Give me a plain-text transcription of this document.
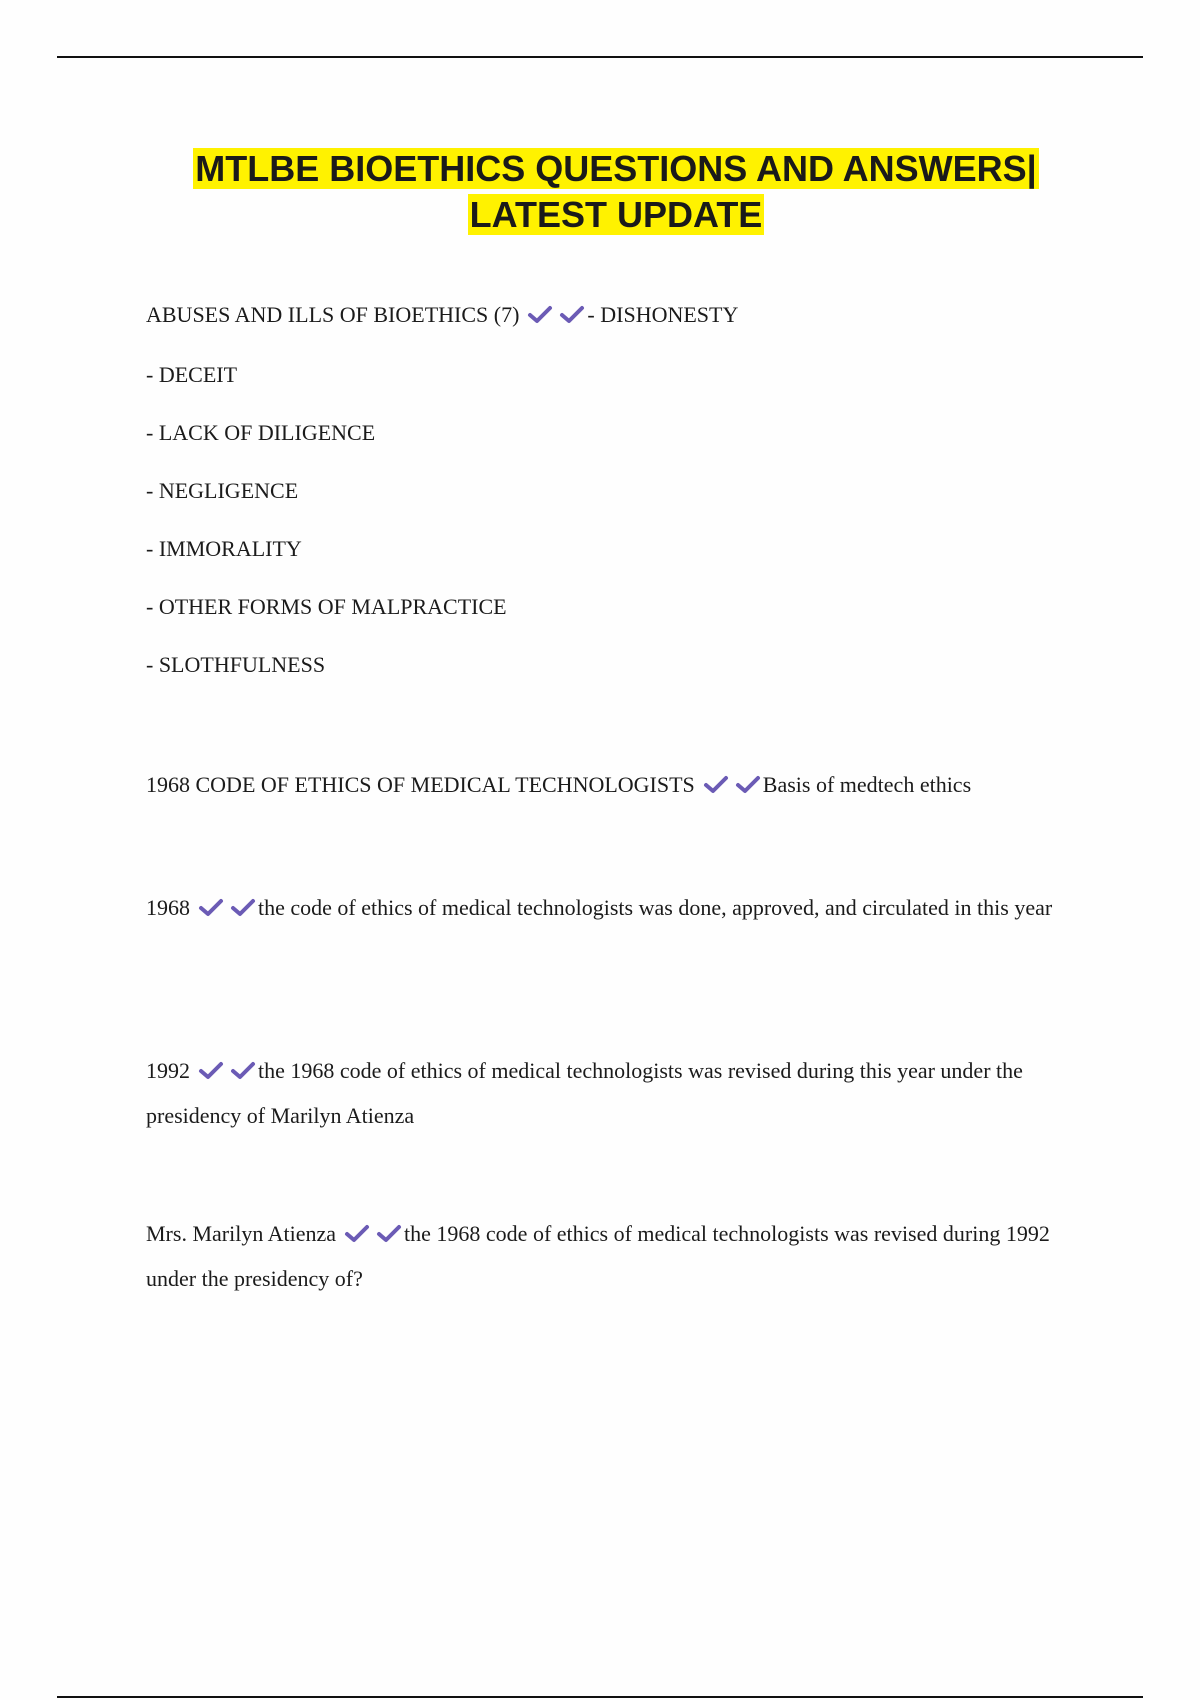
MTLBE BIOETHICS QUESTIONS AND ANSWERS|
LATEST UPDATE
ABUSES AND ILLS OF BIOETHICS (7)	- DISHONESTY
- DECEIT
- LACK OF DILIGENCE
- NEGLIGENCE
- IMMORALITY
- OTHER FORMS OF MALPRACTICE
- SLOTHFULNESS
1968 CODE OF ETHICS OF MEDICAL TECHNOLOGISTS	Basis of medtech ethics
1968	the code of ethics of medical technologists was done, approved, and circulated in this year
1992	the 1968 code of ethics of medical technologists was revised during this year under the presidency of Marilyn Atienza
Mrs. Marilyn Atienza	the 1968 code of ethics of medical technologists was revised during 1992 under the presidency of?
